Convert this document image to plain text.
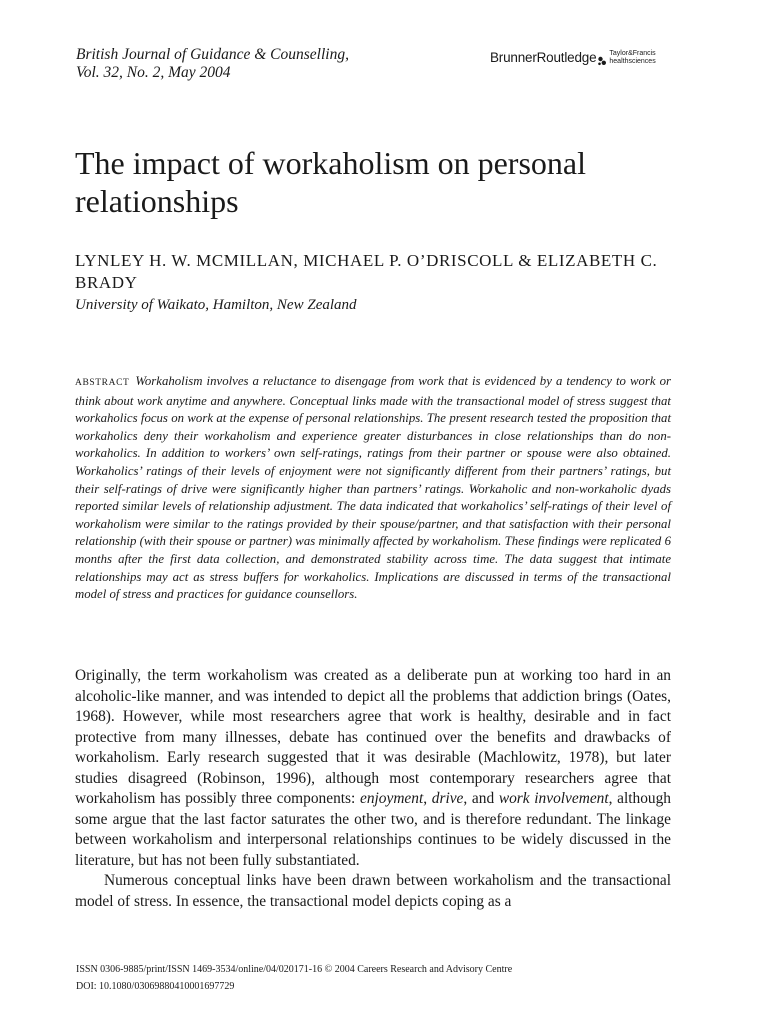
British Journal of Guidance & Counselling,
Vol. 32, No. 2, May 2004
BrunnerRoutledge Taylor&Francis
healthsciences
The impact of workaholism on personal relationships
LYNLEY H. W. MCMILLAN, MICHAEL P. O’DRISCOLL & ELIZABETH C. BRADY
University of Waikato, Hamilton, New Zealand
ABSTRACT Workaholism involves a reluctance to disengage from work that is evidenced by a tendency to work or think about work anytime and anywhere. Conceptual links made with the transactional model of stress suggest that workaholics focus on work at the expense of personal relationships. The present research tested the proposition that workaholics deny their workaholism and experience greater disturbances in close relationships than do non-workaholics. In addition to workers’ own self-ratings, ratings from their partner or spouse were also obtained. Workaholics’ ratings of their levels of enjoyment were not significantly different from their partners’ ratings, but their self-ratings of drive were significantly higher than partners’ ratings. Workaholic and non-workaholic dyads reported similar levels of relationship adjustment. The data indicated that workaholics’ self-ratings of their level of workaholism were similar to the ratings provided by their spouse/partner, and that satisfaction with their personal relationship (with their spouse or partner) was minimally affected by workaholism. These findings were replicated 6 months after the first data collection, and demonstrated stability across time. The data suggest that intimate relationships may act as stress buffers for workaholics. Implications are discussed in terms of the transactional model of stress and practices for guidance counsellors.

Originally, the term workaholism was created as a deliberate pun at working too hard in an alcoholic-like manner, and was intended to depict all the problems that addiction brings (Oates, 1968). However, while most researchers agree that work is healthy, desirable and in fact protective from many illnesses, debate has continued over the benefits and drawbacks of workaholism. Early research suggested that it was desirable (Machlowitz, 1978), but later studies disagreed (Robinson, 1996), although most contemporary researchers agree that workaholism has possibly three components: enjoyment, drive, and work involvement, although some argue that the last factor saturates the other two, and is therefore redundant. The linkage between workaholism and interpersonal relationships continues to be widely discussed in the literature, but has not been fully substantiated.

Numerous conceptual links have been drawn between workaholism and the transactional model of stress. In essence, the transactional model depicts coping as a

ISSN 0306-9885/print/ISSN 1469-3534/online/04/020171-16 © 2004 Careers Research and Advisory Centre
DOI: 10.1080/03069880410001697729
